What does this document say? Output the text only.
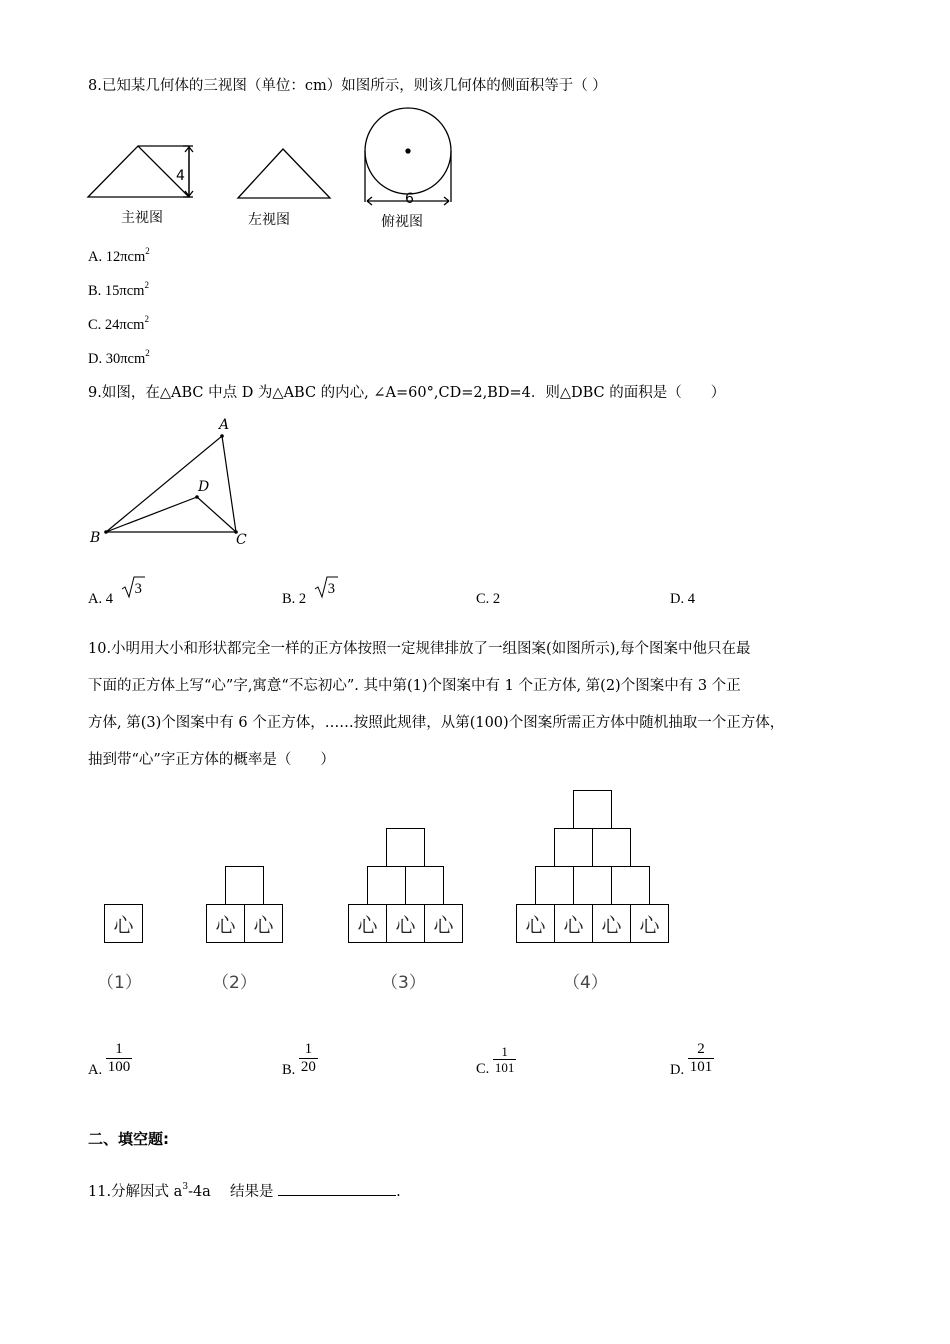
8.已知某几何体的三视图（单位：cm）如图所示，则该几何体的侧面积等于（ ）
4
6
主视图	左视图	俯视图
A. 12πcm$^2$
B. 15πcm$^2$
C. 24πcm$^2$
D. 30πcm$^2$
9.如图，在△ABC 中点 D 为△ABC 的内心, ∠A=60°,CD=2,BD=4．则△DBC 的面积是（　　）
A
D
B	C
A. 4
3
B. 2
3
C. 2	D. 4
10.小明用大小和形状都完全一样的正方体按照一定规律排放了一组图案(如图所示),每个图案中他只在最
下面的正方体上写“心”字,寓意“不忘初心”. 其中第(1)个图案中有 1 个正方体, 第(2)个图案中有 3 个正
方体, 第(3)个图案中有 6 个正方体，……按照此规律，从第(100)个图案所需正方体中随机抽取一个正方体，
抽到带“心”字正方体的概率是（　　）
心	心 心	心 心 心	心 心 心 心
（1）	（2）	（3）	（4）
A. $\frac{1}{100}$	B. $\frac{1}{20}$	C. $\frac{1}{101}$	D. $\frac{2}{101}$
二、填空题:
11.分解因式 $a^3-4a$　 结果是	.
